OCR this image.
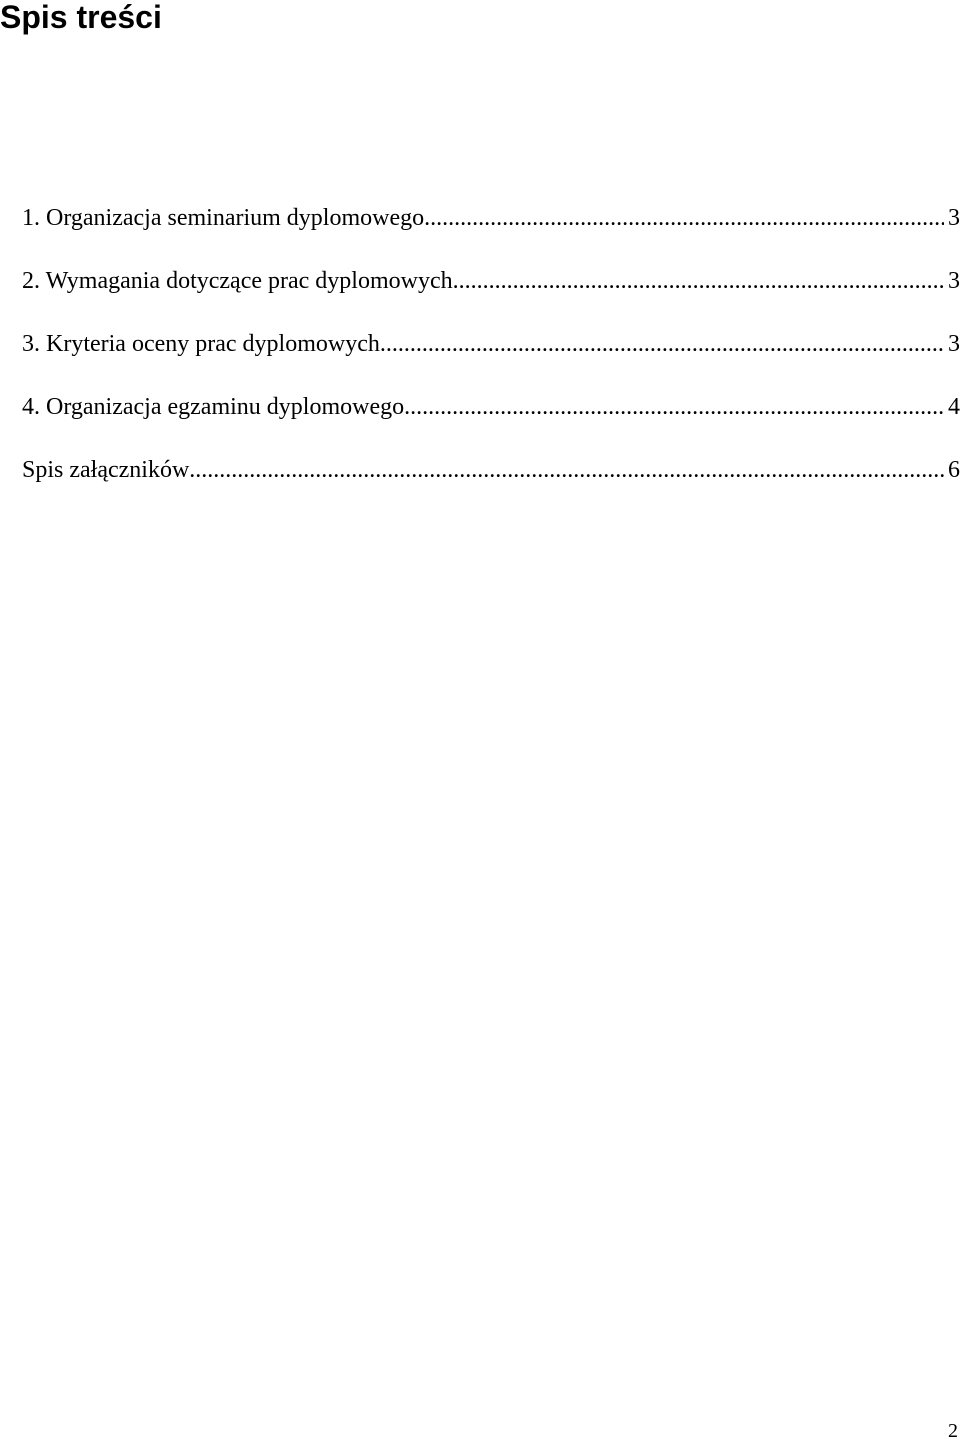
Spis treści
1. Organizacja seminarium dyplomowego .....	3
2. Wymagania dotyczące prac dyplomowych .....	3
3. Kryteria oceny prac dyplomowych .....	3
4. Organizacja egzaminu dyplomowego .....	4
Spis załączników .....	6
2
